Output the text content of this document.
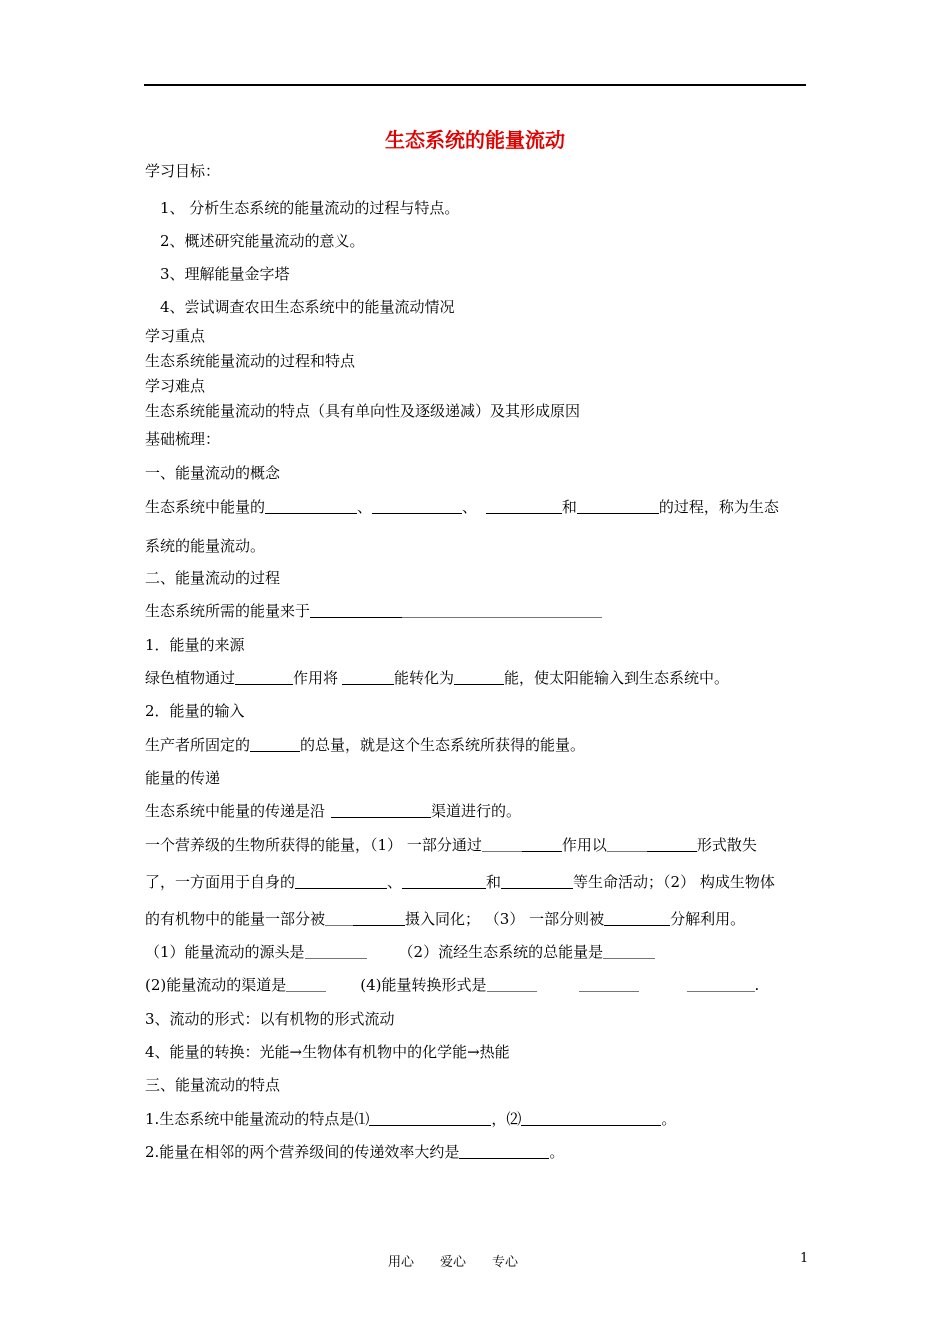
生态系统的能量流动
学习目标：
1、 分析生态系统的能量流动的过程与特点。
2、概述研究能量流动的意义。
3、理解能量金字塔
4、尝试调查农田生态系统中的能量流动情况
学习重点
生态系统能量流动的过程和特点
学习难点
生态系统能量流动的特点（具有单向性及逐级递减）及其形成原因
基础梳理：
一、能量流动的概念
生态系统中能量的	、	、	和	的过程，称为生态
系统的能量流动。
二、能量流动的过程
生态系统所需的能量来于
1．能量的来源
绿色植物通过	作用将	能转化为	能，使太阳能输入到生态系统中。
2．能量的输入
生产者所固定的	的总量，就是这个生态系统所获得的能量。
能量的传递
生态系统中能量的传递是沿	渠道进行的。
一个营养级的生物所获得的能量，（1） 一部分通过	作用以	形式散失
了，一方面用于自身的	、	和	等生命活动；（2） 构成生物体
的有机物中的能量一部分被	摄入同化； （3） 一部分则被	分解利用。
（1）能量流动的源头是	（2）流经生态系统的总能量是
(2)能量流动的渠道是	(4)能量转换形式是	.
3、流动的形式：以有机物的形式流动
4、能量的转换：光能→生物体有机物中的化学能→热能
三、能量流动的特点
1.生态系统中能量流动的特点是⑴	，⑵	。
2.能量在相邻的两个营养级间的传递效率大约是	。
用心 爱心 专心	1
